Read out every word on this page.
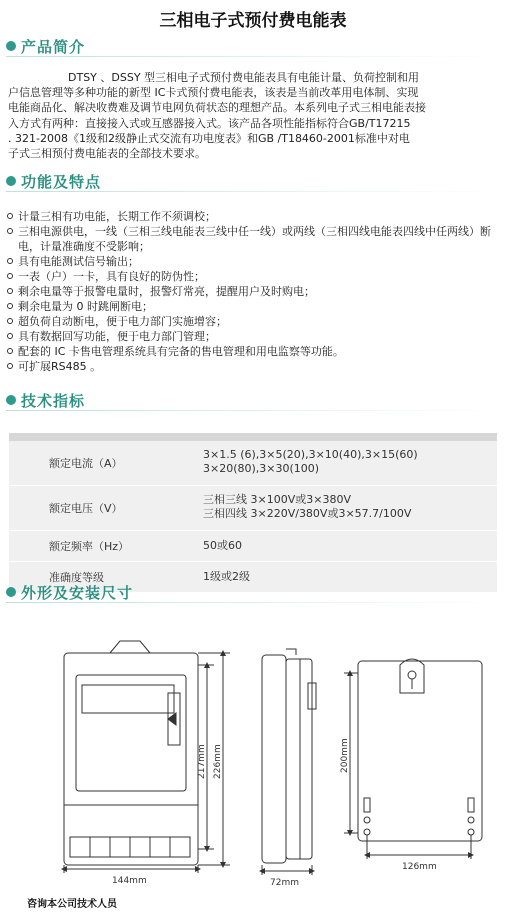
三相电子式预付费电能表
产品简介
DTSY 、DSSY 型三相电子式预付费电能表具有电能计量、负荷控制和用
户信息管理等多种功能的新型 IC卡式预付费电能表，该表是当前改革用电体制、实现
电能商品化、解决收费难及调节电网负荷状态的理想产品。本系列电子式三相电能表接
入方式有两种：直接接入式或互感器接入式。该产品各项性能指标符合GB/T17215
. 321-2008《1级和2级静止式交流有功电度表》和GB /T18460-2001标准中对电
子式三相预付费电能表的全部技术要求。
功能及特点
计量三相有功电能，长期工作不须调校；
三相电源供电，一线（三相三线电能表三线中任一线）或两线（三相四线电能表四线中任两线）断电，计量准确度不受影响；
具有电能测试信号输出；
一表（户）一卡，具有良好的防伪性；
剩余电量等于报警电量时，报警灯常亮，提醒用户及时购电；
剩余电量为 0 时跳闸断电；
超负荷自动断电，便于电力部门实施增容；
具有数据回写功能，便于电力部门管理；
配套的 IC 卡售电管理系统具有完备的售电管理和用电监察等功能。
可扩展RS485 。
技术指标
额定电流（A）
3×1.5 (6),3×5(20),3×10(40),3×15(60)
3×20(80),3×30(100)
额定电压（V）
三相三线 3×100V或3×380V
三相四线 3×220V/380V或3×57.7/100V
额定频率（Hz）	50或60
准确度等级	1级或2级
外形及安装尺寸
144mm
217mm 226mm
72mm
200mm
126mm
咨询本公司技术人员
